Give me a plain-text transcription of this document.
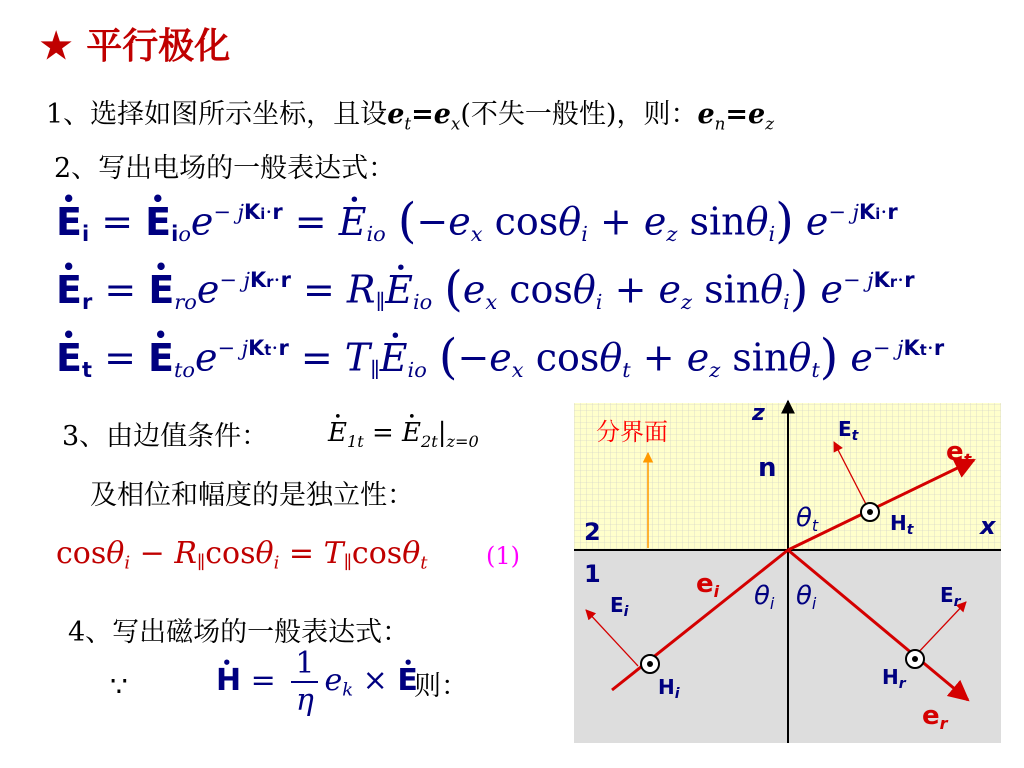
★ 平行极化
1、选择如图所示坐标，且设$e_t=e_x$(不失一般性)，则：$e_n=e_z$
2、写出电场的一般表达式：
• Ei = • $Ei_oe^{- jKi\cdot r}$ = • $E_{io}$ ($-e_x$ $\cos\theta_i + e_z$ sinθ$_i$) $e^{- jKi\cdot r}$
• Er = • $E_{ro}e^{- jKr\cdot r}$ = $R_\parallel•$ $E_{io}$ ($e_x$ $\cos\theta_i + e_z$ sinθ$_i$) $e^{- jKr\cdot r}$
• Et = • $E_{to}e^{- jKt\cdot r}$ = $T_\parallel•$ $E_{io}$ ($-e_x$ $\cos\theta_t + e_z$ sinθ$_t$) $e^{- jKt\cdot r}$
3、由边值条件： • $E_{1t}$ = • $E_{2t}|_{z=0}$
及相位和幅度的是独立性：
$\cos\theta_i - R_\parallel\cos\theta_i = T_\parallel\cos\theta_t$ (1)
4、写出磁场的一般表达式：
∵	• $H = \frac{1}{\eta} e_k$ × • E
则：
分界面
z
x
n
2
1
$E_t$
et
θt	$H_t$
ei
$E_i$
θi θi	$E_r$
$H_i$
$H_r$
er
